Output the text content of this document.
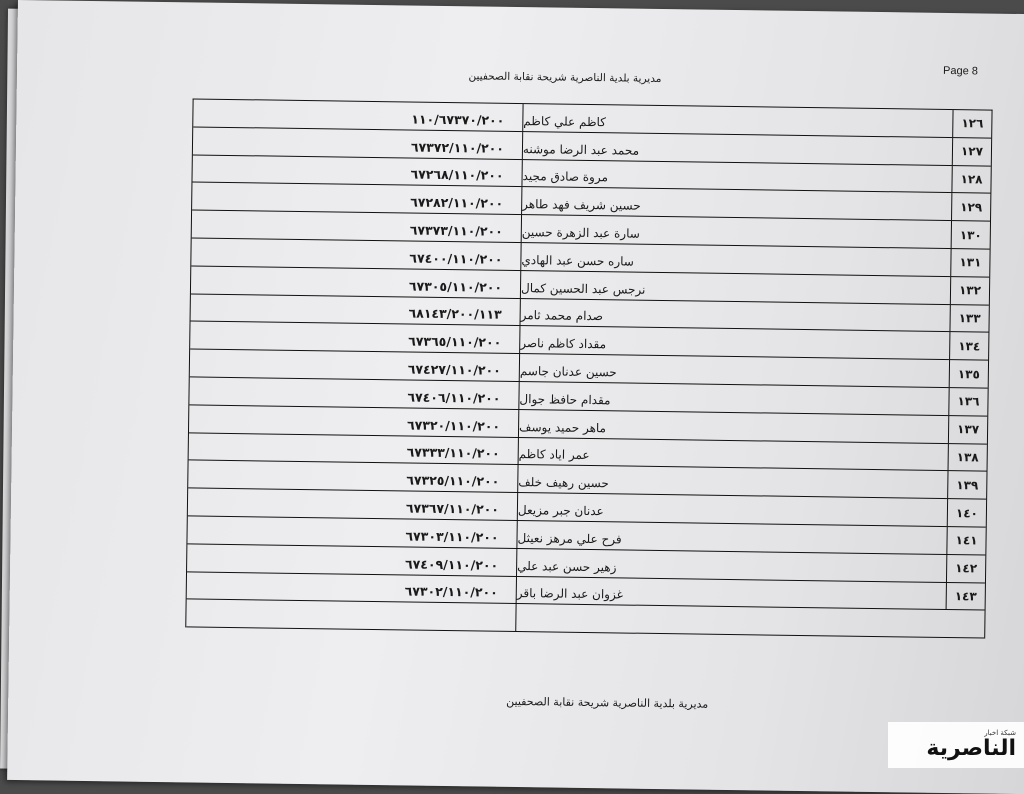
Page 8
مديرية بلدية الناصرية شريحة نقابة الصحفيين
١١٠/٦٧٣٧٠/٢٠٠	كاظم علي كاظم	١٢٦
٦٧٣٧٢/١١٠/٢٠٠	محمد عبد الرضا موشنه	١٢٧
٦٧٢٦٨/١١٠/٢٠٠	مروة صادق مجيد	١٢٨
٦٧٢٨٢/١١٠/٢٠٠	حسين شريف فهد طاهر	١٢٩
٦٧٣٧٣/١١٠/٢٠٠	سارة عبد الزهرة حسين	١٣٠
٦٧٤٠٠/١١٠/٢٠٠	ساره حسن عبد الهادي	١٣١
٦٧٣٠٥/١١٠/٢٠٠	نرجس عبد الحسين كمال	١٣٢
٦٨١٤٣/٢٠٠/١١٣	صدام محمد ثامر	١٣٣
٦٧٣٦٥/١١٠/٢٠٠	مقداد كاظم ناصر	١٣٤
٦٧٤٢٧/١١٠/٢٠٠	حسين عدنان جاسم	١٣٥
٦٧٤٠٦/١١٠/٢٠٠	مقدام حافظ جوال	١٣٦
٦٧٣٢٠/١١٠/٢٠٠	ماهر حميد يوسف	١٣٧
٦٧٣٣٣/١١٠/٢٠٠	عمر اياد كاظم	١٣٨
٦٧٣٢٥/١١٠/٢٠٠	حسين رهيف خلف	١٣٩
٦٧٣٦٧/١١٠/٢٠٠	عدنان جبر مزيعل	١٤٠
٦٧٣٠٣/١١٠/٢٠٠	فرح علي مرهز نعيثل	١٤١
٦٧٤٠٩/١١٠/٢٠٠	زهير حسن عبد علي	١٤٢
٦٧٣٠٢/١١٠/٢٠٠	غزوان عبد الرضا باقر	١٤٣
مديرية بلدية الناصرية شريحة نقابة الصحفيين
شبكة اخبار
الناصرية
